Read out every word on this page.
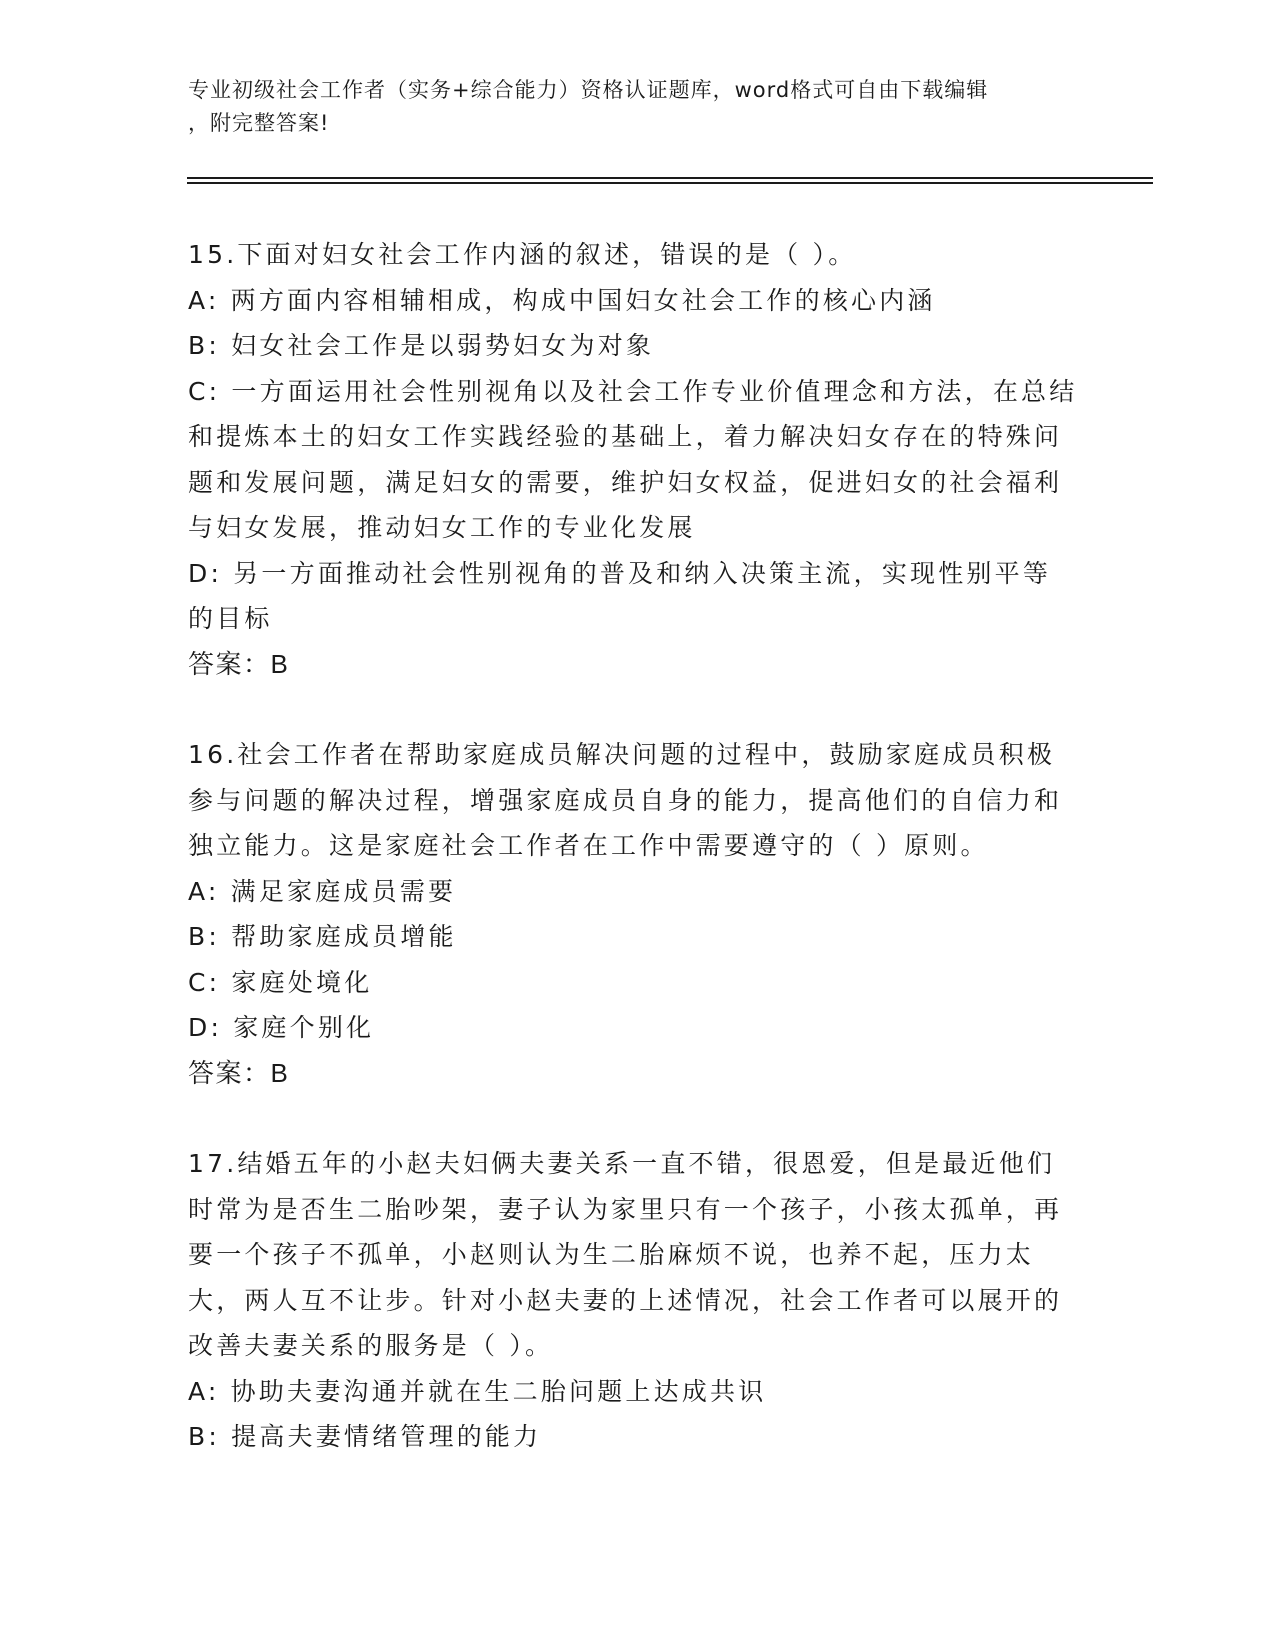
专业初级社会工作者（实务+综合能力）资格认证题库，word格式可自由下载编辑
，附完整答案!

15.下面对妇女社会工作内涵的叙述，错误的是（ ）。

A: 两方面内容相辅相成，构成中国妇女社会工作的核心内涵

B: 妇女社会工作是以弱势妇女为对象

C: 一方面运用社会性别视角以及社会工作专业价值理念和方法，在总结和提炼本土的妇女工作实践经验的基础上，着力解决妇女存在的特殊问题和发展问题，满足妇女的需要，维护妇女权益，促进妇女的社会福利与妇女发展，推动妇女工作的专业化发展

D: 另一方面推动社会性别视角的普及和纳入决策主流，实现性别平等的目标

答案：B

16.社会工作者在帮助家庭成员解决问题的过程中，鼓励家庭成员积极参与问题的解决过程，增强家庭成员自身的能力，提高他们的自信力和独立能力。这是家庭社会工作者在工作中需要遵守的（ ）原则。

A: 满足家庭成员需要

B: 帮助家庭成员增能

C: 家庭处境化

D: 家庭个别化

答案：B

17.结婚五年的小赵夫妇俩夫妻关系一直不错，很恩爱，但是最近他们时常为是否生二胎吵架，妻子认为家里只有一个孩子，小孩太孤单，再要一个孩子不孤单，小赵则认为生二胎麻烦不说，也养不起，压力太大，两人互不让步。针对小赵夫妻的上述情况，社会工作者可以展开的改善夫妻关系的服务是（ ）。

A: 协助夫妻沟通并就在生二胎问题上达成共识

B: 提高夫妻情绪管理的能力
